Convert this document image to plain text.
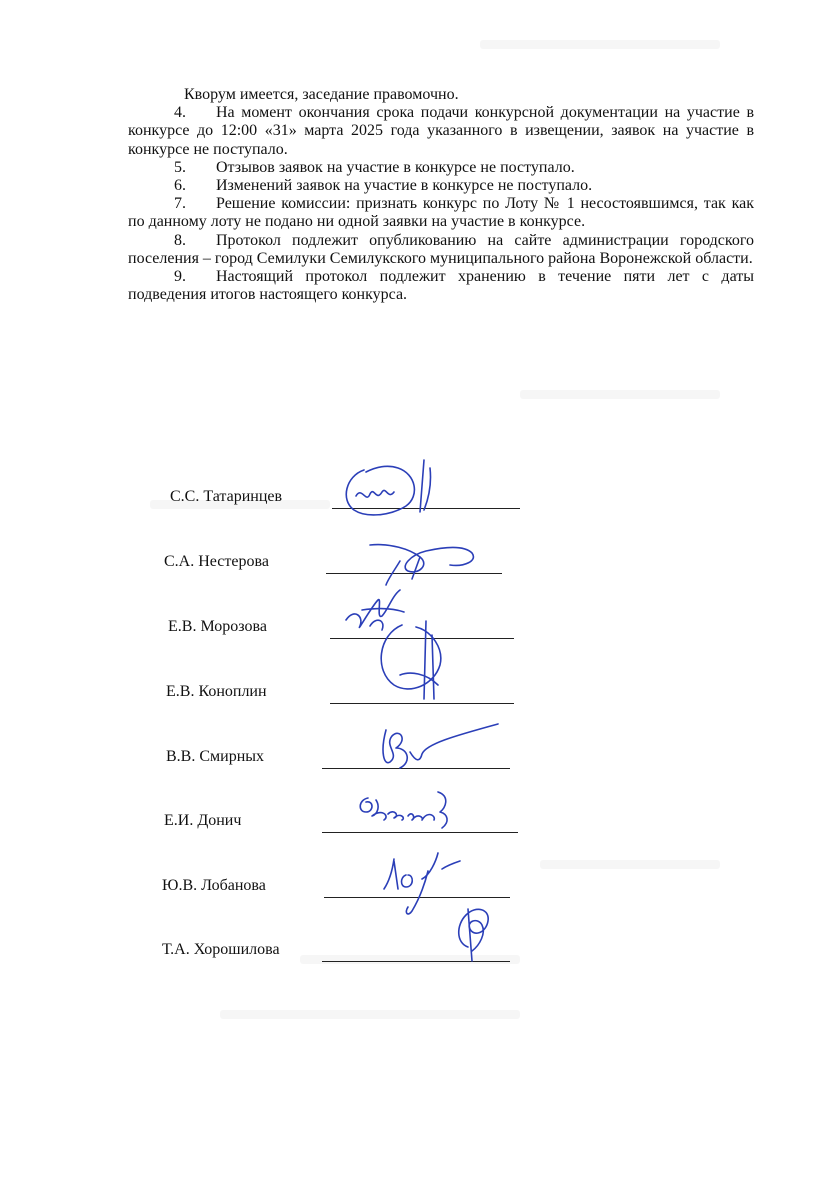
Кворум имеется, заседание правомочно.

4. На момент окончания срока подачи конкурсной документации на участие в конкурсе до 12:00 «31» марта 2025 года указанного в извещении, заявок на участие в конкурсе не поступало.

5. Отзывов заявок на участие в конкурсе не поступало.

6. Изменений заявок на участие в конкурсе не поступало.

7. Решение комиссии: признать конкурс по Лоту № 1 несостоявшимся, так как по данному лоту не подано ни одной заявки на участие в конкурсе.

8. Протокол подлежит опубликованию на сайте администрации городского поселения – город Семилуки Семилукского муниципального района Воронежской области.

9. Настоящий протокол подлежит хранению в течение пяти лет с даты подведения итогов настоящего конкурса.

С.С. Татаринцев
С.А. Нестерова
Е.В. Морозова
Е.В. Коноплин
В.В. Смирных
Е.И. Донич
Ю.В. Лобанова
Т.А. Хорошилова
